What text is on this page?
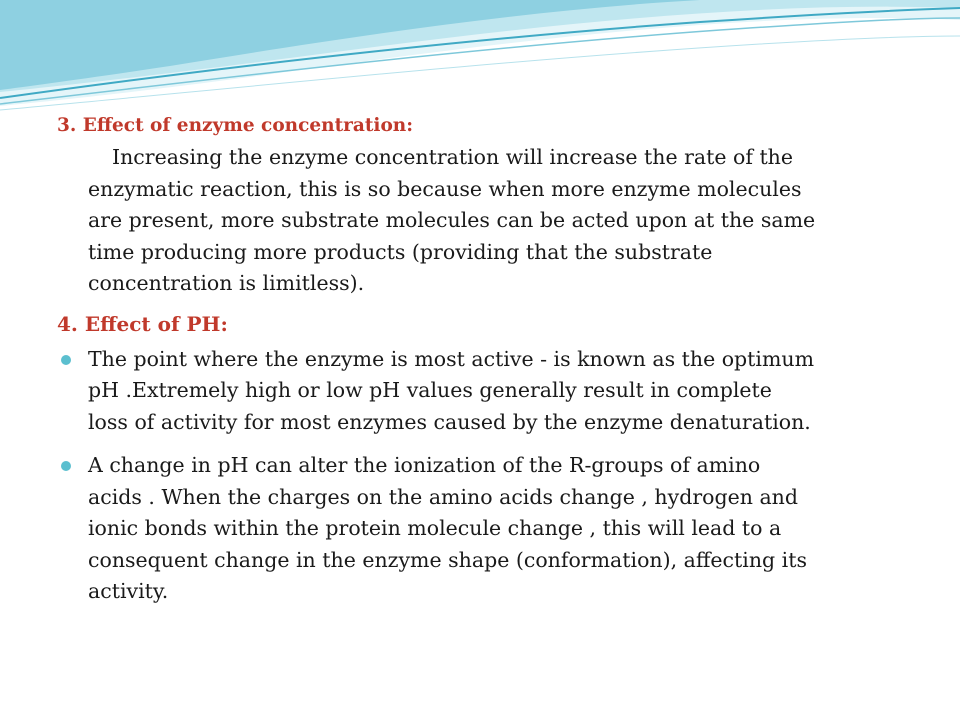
3. Effect of enzyme concentration:

Increasing the enzyme concentration will increase the rate of the enzymatic reaction, this is so because when more enzyme molecules are present, more substrate molecules can be acted upon at the same time producing more products (providing that the substrate concentration is limitless).

4. Effect of PH:

The point where the enzyme is most active - is known as the optimum pH .Extremely high or low pH values generally result in complete loss of activity for most enzymes caused by the enzyme denaturation.

A change in pH can alter the ionization of the R-groups of amino acids . When the charges on the amino acids change , hydrogen and ionic bonds within the protein molecule change , this will lead to a consequent change in the enzyme shape (conformation), affecting its activity.
